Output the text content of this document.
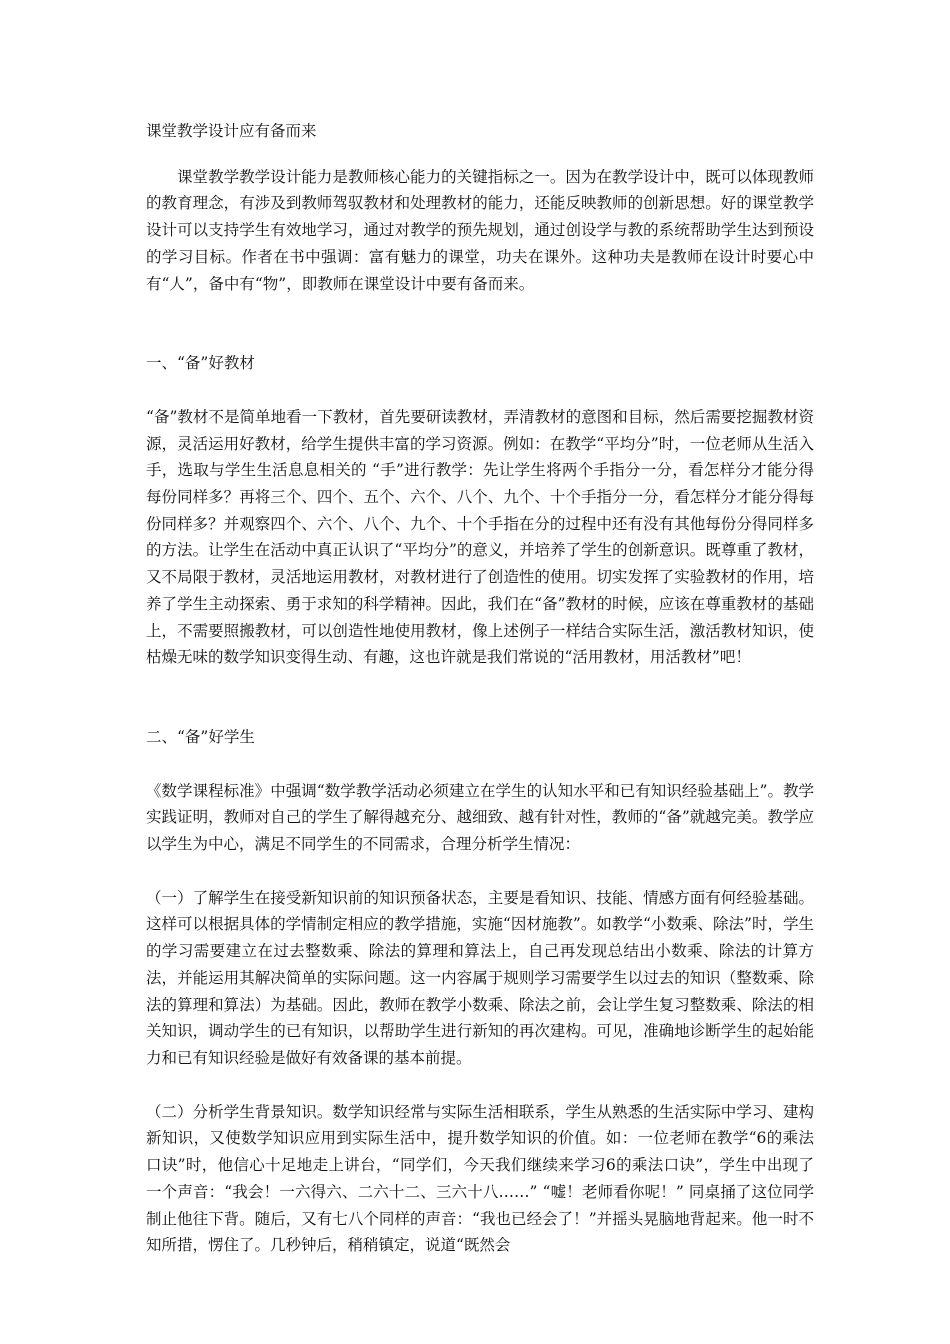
课堂教学设计应有备而来

课堂教学教学设计能力是教师核心能力的关键指标之一。因为在教学设计中，既可以体现教师的教育理念，有涉及到教师驾驭教材和处理教材的能力，还能反映教师的创新思想。好的课堂教学设计可以支持学生有效地学习，通过对教学的预先规划，通过创设学与教的系统帮助学生达到预设的学习目标。作者在书中强调：富有魅力的课堂，功夫在课外。这种功夫是教师在设计时要心中有“人”，备中有“物”，即教师在课堂设计中要有备而来。

一、“备”好教材

“备”教材不是简单地看一下教材，首先要研读教材，弄清教材的意图和目标，然后需要挖掘教材资源，灵活运用好教材，给学生提供丰富的学习资源。例如：在教学“平均分”时，一位老师从生活入手，选取与学生生活息息相关的 “手”进行教学：先让学生将两个手指分一分，看怎样分才能分得每份同样多？再将三个、四个、五个、六个、八个、九个、十个手指分一分，看怎样分才能分得每份同样多？并观察四个、六个、八个、九个、十个手指在分的过程中还有没有其他每份分得同样多的方法。让学生在活动中真正认识了“平均分”的意义，并培养了学生的创新意识。既尊重了教材，又不局限于教材，灵活地运用教材，对教材进行了创造性的使用。切实发挥了实验教材的作用，培养了学生主动探索、勇于求知的科学精神。因此，我们在“备”教材的时候，应该在尊重教材的基础上，不需要照搬教材，可以创造性地使用教材，像上述例子一样结合实际生活，激活教材知识，使枯燥无味的数学知识变得生动、有趣，这也许就是我们常说的“活用教材，用活教材”吧！

二、“备”好学生

《数学课程标准》中强调“数学教学活动必须建立在学生的认知水平和已有知识经验基础上”。教学实践证明，教师对自己的学生了解得越充分、越细致、越有针对性，教师的“备”就越完美。教学应以学生为中心，满足不同学生的不同需求，合理分析学生情况：

（一）了解学生在接受新知识前的知识预备状态，主要是看知识、技能、情感方面有何经验基础。这样可以根据具体的学情制定相应的教学措施，实施“因材施教”。如教学“小数乘、除法”时，学生的学习需要建立在过去整数乘、除法的算理和算法上，自己再发现总结出小数乘、除法的计算方法，并能运用其解决简单的实际问题。这一内容属于规则学习需要学生以过去的知识（整数乘、除法的算理和算法）为基础。因此，教师在教学小数乘、除法之前，会让学生复习整数乘、除法的相关知识，调动学生的已有知识，以帮助学生进行新知的再次建构。可见，准确地诊断学生的起始能力和已有知识经验是做好有效备课的基本前提。

（二）分析学生背景知识。数学知识经常与实际生活相联系，学生从熟悉的生活实际中学习、建构新知识，又使数学知识应用到实际生活中，提升数学知识的价值。如：一位老师在教学“6的乘法口诀”时，他信心十足地走上讲台，“同学们，今天我们继续来学习6的乘法口诀”，学生中出现了一个声音：“我会！一六得六、二六十二、三六十八……” “嘘！老师看你呢！” 同桌捅了这位同学制止他往下背。随后，又有七八个同样的声音：“我也已经会了！”并摇头晃脑地背起来。他一时不知所措，愣住了。几秒钟后，稍稍镇定，说道“既然会
